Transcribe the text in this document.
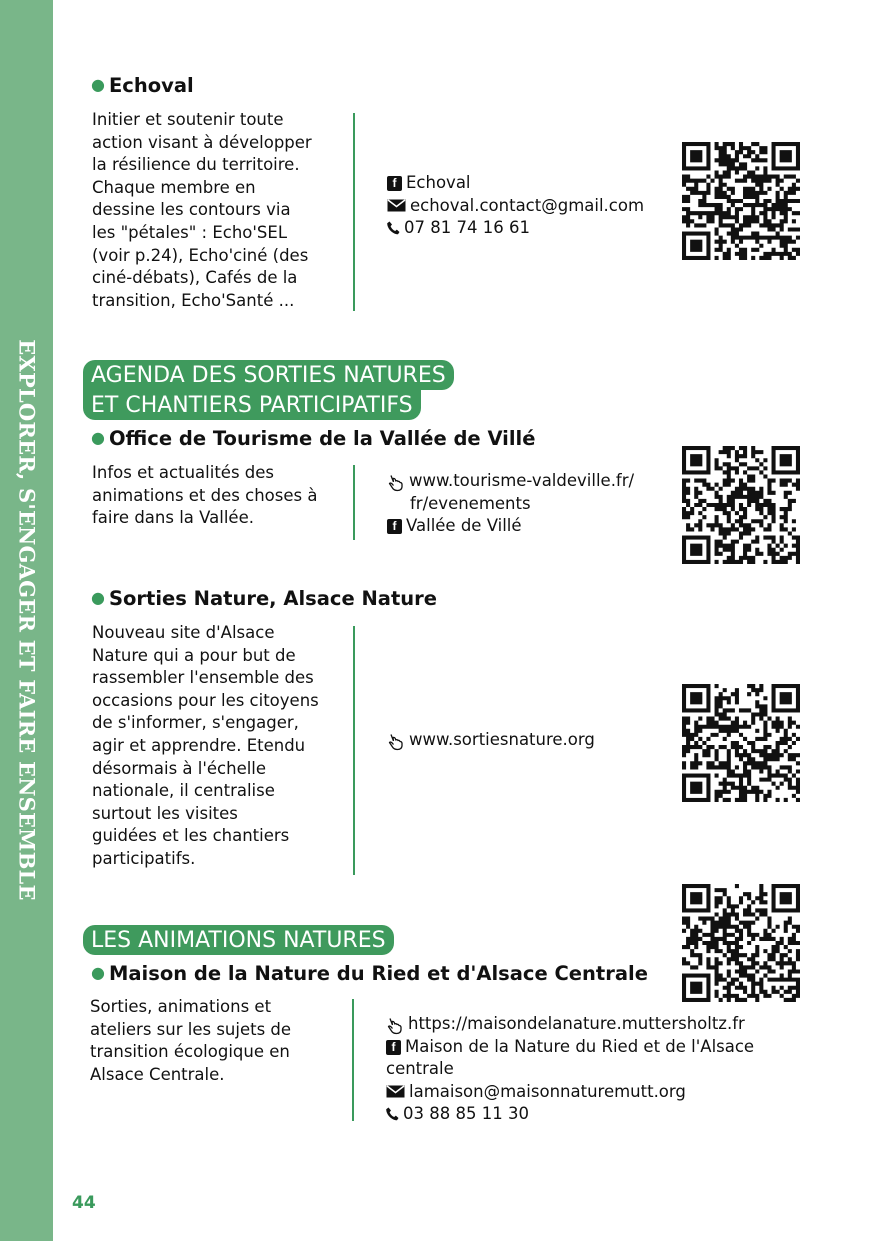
EXPLORER, S'ENGAGER ET FAIRE ENSEMBLE
● Echoval
Initier et soutenir toute
action visant à développer
la résilience du territoire.
Chaque membre en
dessine les contours via
les "pétales" : Echo'SEL
(voir p.24), Echo'ciné (des
ciné-débats), Cafés de la
transition, Echo'Santé ...
f Echoval
echoval.contact@gmail.com
07 81 74 16 61
AGENDA DES SORTIES NATURES
ET CHANTIERS PARTICIPATIFS
● Office de Tourisme de la Vallée de Villé
Infos et actualités des
animations et des choses à
faire dans la Vallée.
www.tourisme-valdeville.fr/
fr/evenements
f Vallée de Villé
● Sorties Nature, Alsace Nature
Nouveau site d'Alsace
Nature qui a pour but de
rassembler l'ensemble des
occasions pour les citoyens
de s'informer, s'engager,
agir et apprendre. Etendu
désormais à l'échelle
nationale, il centralise
surtout les visites
guidées et les chantiers
participatifs.
www.sortiesnature.org
LES ANIMATIONS NATURES
● Maison de la Nature du Ried et d'Alsace Centrale
Sorties, animations et
ateliers sur les sujets de
transition écologique en
Alsace Centrale.
https://maisondelanature.muttersholtz.fr
f Maison de la Nature du Ried et de l'Alsace
centrale
lamaison@maisonnaturemutt.org
03 88 85 11 30
44
